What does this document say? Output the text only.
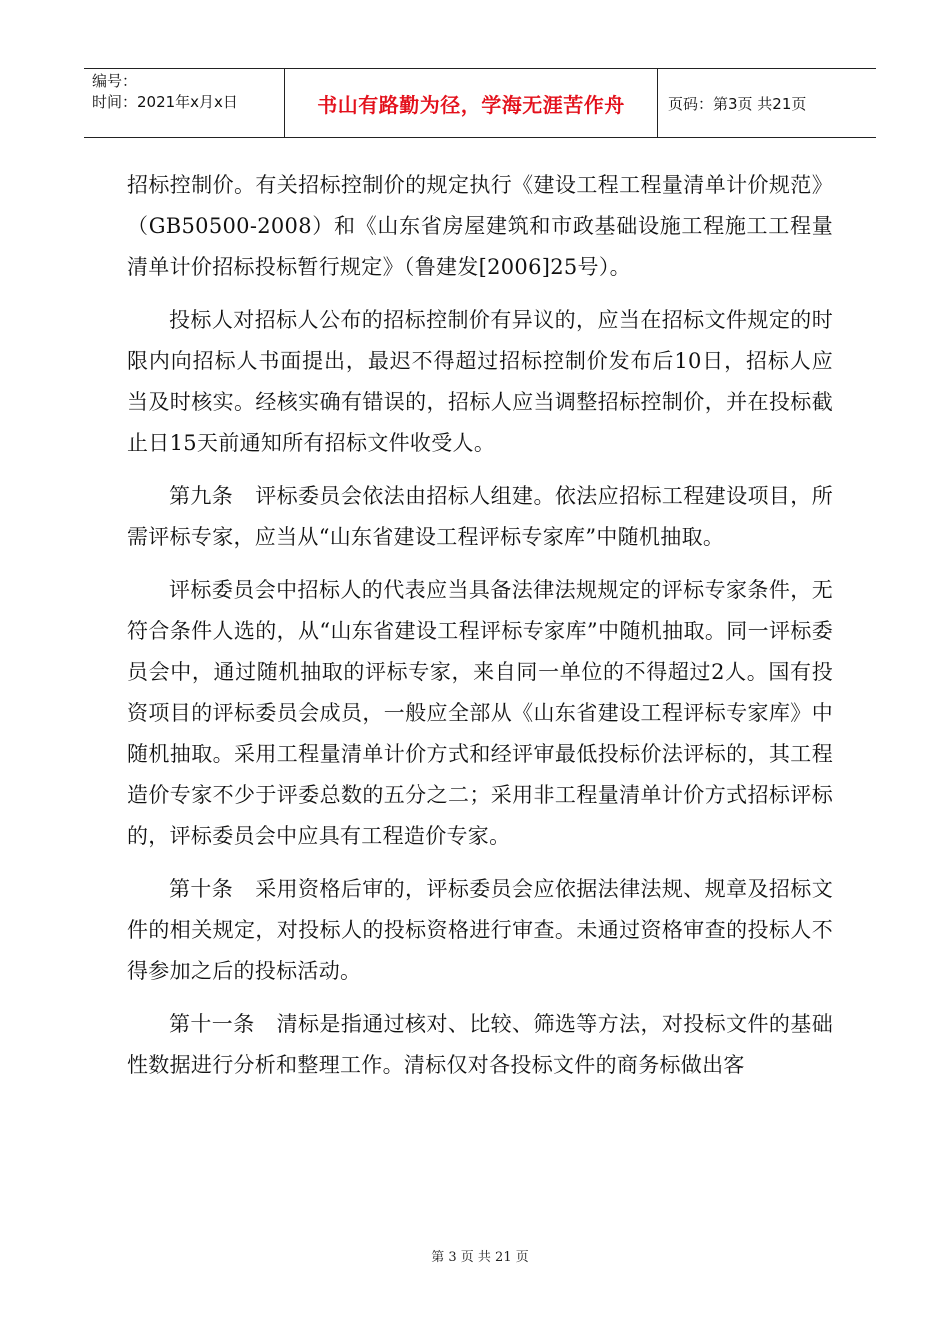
编号：
时间：2021年x月x日	书山有路勤为径，学海无涯苦作舟	页码：第3页 共21页

招标控制价。有关招标控制价的规定执行《建设工程工程量清单计价规范》（GB50500-2008）和《山东省房屋建筑和市政基础设施工程施工工程量清单计价招标投标暂行规定》（鲁建发[2006]25号）。

投标人对招标人公布的招标控制价有异议的，应当在招标文件规定的时限内向招标人书面提出，最迟不得超过招标控制价发布后10日，招标人应当及时核实。经核实确有错误的，招标人应当调整招标控制价，并在投标截止日15天前通知所有招标文件收受人。

第九条 评标委员会依法由招标人组建。依法应招标工程建设项目，所需评标专家，应当从“山东省建设工程评标专家库”中随机抽取。

评标委员会中招标人的代表应当具备法律法规规定的评标专家条件，无符合条件人选的，从“山东省建设工程评标专家库”中随机抽取。同一评标委员会中，通过随机抽取的评标专家，来自同一单位的不得超过2人。国有投资项目的评标委员会成员，一般应全部从《山东省建设工程评标专家库》中随机抽取。采用工程量清单计价方式和经评审最低投标价法评标的，其工程造价专家不少于评委总数的五分之二；采用非工程量清单计价方式招标评标的，评标委员会中应具有工程造价专家。

第十条 采用资格后审的，评标委员会应依据法律法规、规章及招标文件的相关规定，对投标人的投标资格进行审查。未通过资格审查的投标人不得参加之后的投标活动。

第十一条 清标是指通过核对、比较、筛选等方法，对投标文件的基础性数据进行分析和整理工作。清标仅对各投标文件的商务标做出客

第 3 页 共 21 页
